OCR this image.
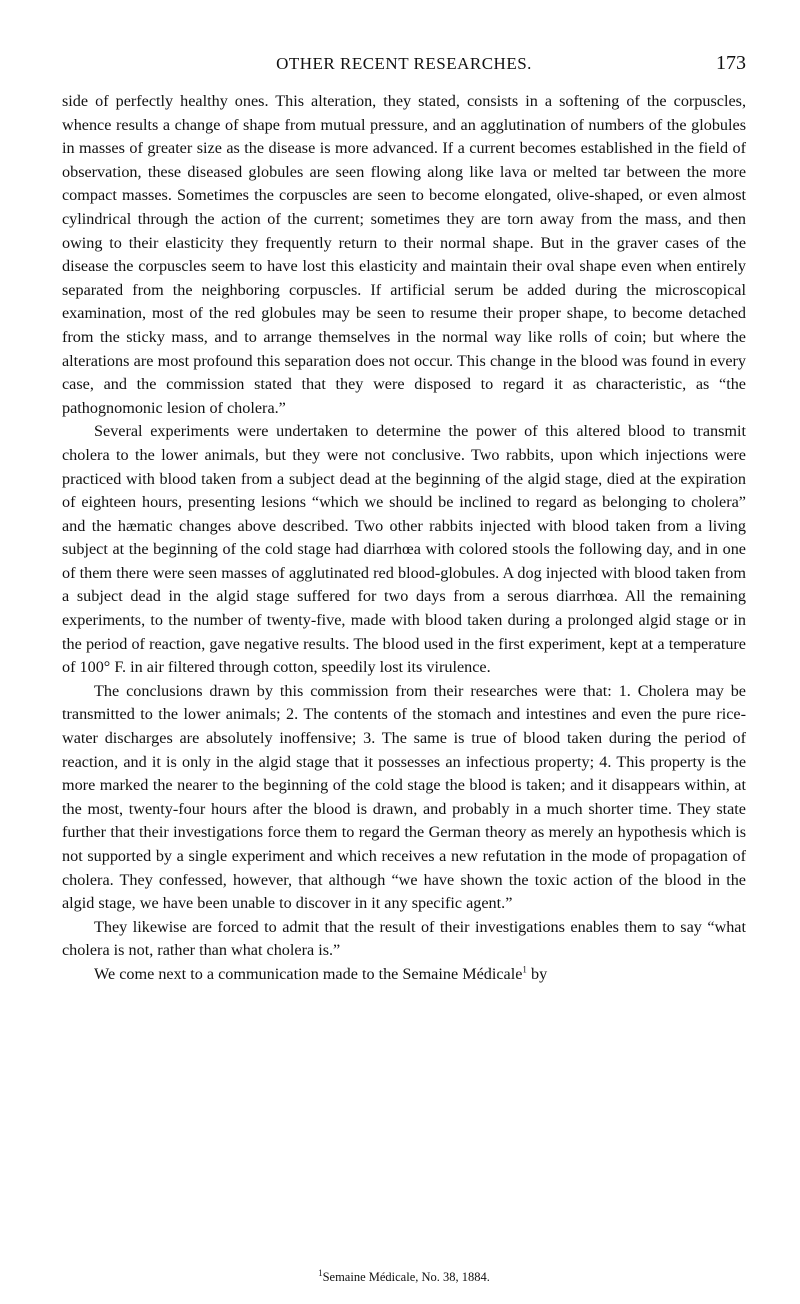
OTHER RECENT RESEARCHES.	173

side of perfectly healthy ones. This alteration, they stated, consists in a softening of the corpuscles, whence results a change of shape from mutual pressure, and an agglutination of numbers of the globules in masses of greater size as the disease is more advanced. If a current becomes established in the field of observation, these diseased globules are seen flowing along like lava or melted tar between the more compact masses. Sometimes the corpuscles are seen to become elongated, olive-shaped, or even almost cylindrical through the action of the current; sometimes they are torn away from the mass, and then owing to their elasticity they frequently return to their normal shape. But in the graver cases of the disease the corpuscles seem to have lost this elasticity and maintain their oval shape even when entirely separated from the neighboring corpuscles. If artificial serum be added during the microscopical examination, most of the red globules may be seen to resume their proper shape, to become detached from the sticky mass, and to arrange themselves in the normal way like rolls of coin; but where the alterations are most profound this separation does not occur. This change in the blood was found in every case, and the commission stated that they were disposed to regard it as characteristic, as “the pathognomonic lesion of cholera.”

Several experiments were undertaken to determine the power of this altered blood to transmit cholera to the lower animals, but they were not conclusive. Two rabbits, upon which injections were practiced with blood taken from a subject dead at the beginning of the algid stage, died at the expiration of eighteen hours, presenting lesions “which we should be inclined to regard as belonging to cholera” and the hæmatic changes above described. Two other rabbits injected with blood taken from a living subject at the beginning of the cold stage had diarrhœa with colored stools the following day, and in one of them there were seen masses of agglutinated red blood-globules. A dog injected with blood taken from a subject dead in the algid stage suffered for two days from a serous diarrhœa. All the remaining experiments, to the number of twenty-five, made with blood taken during a prolonged algid stage or in the period of reaction, gave negative results. The blood used in the first experiment, kept at a temperature of 100° F. in air filtered through cotton, speedily lost its virulence.

The conclusions drawn by this commission from their researches were that: 1. Cholera may be transmitted to the lower animals; 2. The contents of the stomach and intestines and even the pure rice-water discharges are absolutely inoffensive; 3. The same is true of blood taken during the period of reaction, and it is only in the algid stage that it possesses an infectious property; 4. This property is the more marked the nearer to the beginning of the cold stage the blood is taken; and it disappears within, at the most, twenty-four hours after the blood is drawn, and probably in a much shorter time. They state further that their investigations force them to regard the German theory as merely an hypothesis which is not supported by a single experiment and which receives a new refutation in the mode of propagation of cholera. They confessed, however, that although “we have shown the toxic action of the blood in the algid stage, we have been unable to discover in it any specific agent.”

They likewise are forced to admit that the result of their investigations enables them to say “what cholera is not, rather than what cholera is.”

We come next to a communication made to the Semaine Médicale$^1$ by

$^1$Semaine Médicale, No. 38, 1884.
